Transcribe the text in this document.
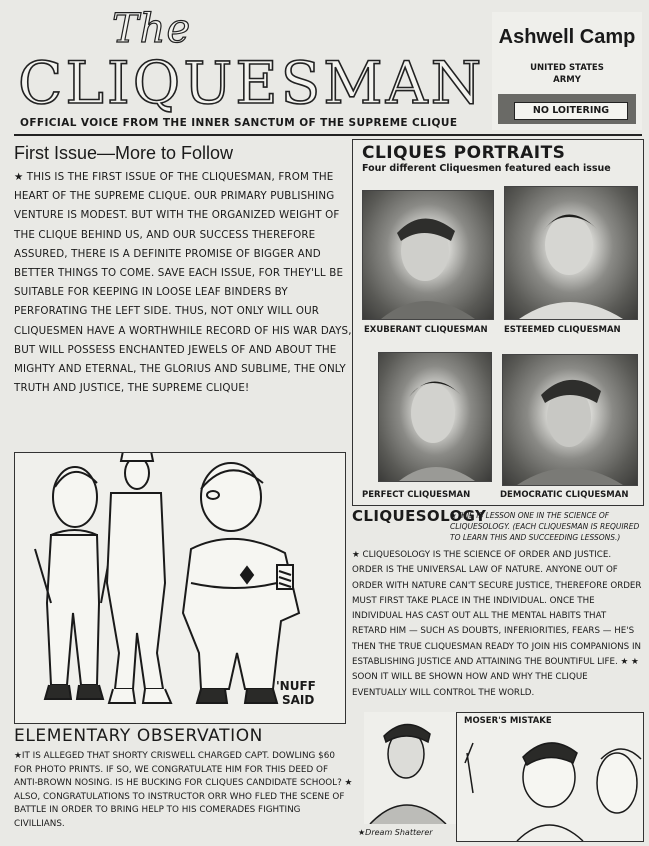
The
CLIQUESMAN
OFFICIAL VOICE FROM THE INNER SANCTUM OF THE SUPREME CLIQUE
Ashwell Camp
UNITED STATES
ARMY
NO LOITERING
First Issue—More to Follow
★ THIS IS THE FIRST ISSUE OF THE CLIQUESMAN, FROM THE HEART OF THE SUPREME CLIQUE. OUR PRIMARY PUBLISHING VENTURE IS MODEST. BUT WITH THE ORGANIZED WEIGHT OF THE CLIQUE BEHIND US, AND OUR SUCCESS THEREFORE ASSURED, THERE IS A DEFINITE PROMISE OF BIGGER AND BETTER THINGS TO COME. SAVE EACH ISSUE, FOR THEY'LL BE SUITABLE FOR KEEPING IN LOOSE LEAF BINDERS BY PERFORATING THE LEFT SIDE. THUS, NOT ONLY WILL OUR CLIQUESMEN HAVE A WORTHWHILE RECORD OF HIS WAR DAYS, BUT WILL POSSESS ENCHANTED JEWELS OF AND ABOUT THE MIGHTY AND ETERNAL, THE GLORIUS AND SUBLIME, THE ONLY TRUTH AND JUSTICE, THE SUPREME CLIQUE!
CLIQUES PORTRAITS
Four different Cliquesmen featured each issue
EXUBERANT CLIQUESMAN ESTEEMED CLIQUESMAN
PERFECT CLIQUESMAN	DEMOCRATIC CLIQUESMAN
'NUFF
SAID
CLIQUESOLOGY
★THIS IS LESSON ONE IN THE SCIENCE OF CLIQUESOLOGY. (EACH CLIQUESMAN IS REQUIRED TO LEARN THIS AND SUCCEEDING LESSONS.)
★ CLIQUESOLOGY IS THE SCIENCE OF ORDER AND JUSTICE. ORDER IS THE UNIVERSAL LAW OF NATURE. ANYONE OUT OF ORDER WITH NATURE CAN'T SECURE JUSTICE, THEREFORE ORDER MUST FIRST TAKE PLACE IN THE INDIVIDUAL. ONCE THE INDIVIDUAL HAS CAST OUT ALL THE MENTAL HABITS THAT RETARD HIM — SUCH AS DOUBTS, INFERIORITIES, FEARS — HE'S THEN THE TRUE CLIQUESMAN READY TO JOIN HIS COMPANIONS IN ESTABLISHING JUSTICE AND ATTAINING THE BOUNTIFUL LIFE. ★ ★ SOON IT WILL BE SHOWN HOW AND WHY THE CLIQUE EVENTUALLY WILL CONTROL THE WORLD.
ELEMENTARY OBSERVATION
★IT IS ALLEGED THAT SHORTY CRISWELL CHARGED CAPT. DOWLING $60 FOR PHOTO PRINTS. IF SO, WE CONGRATULATE HIM FOR THIS DEED OF ANTI-BROWN NOSING. IS HE BUCKING FOR CLIQUES CANDIDATE SCHOOL? ★ ALSO, CONGRATULATIONS TO INSTRUCTOR ORR WHO FLED THE SCENE OF BATTLE IN ORDER TO BRING HELP TO HIS COMERADES FIGHTING CIVILLIANS.
MOSER'S MISTAKE
★Dream Shatterer
